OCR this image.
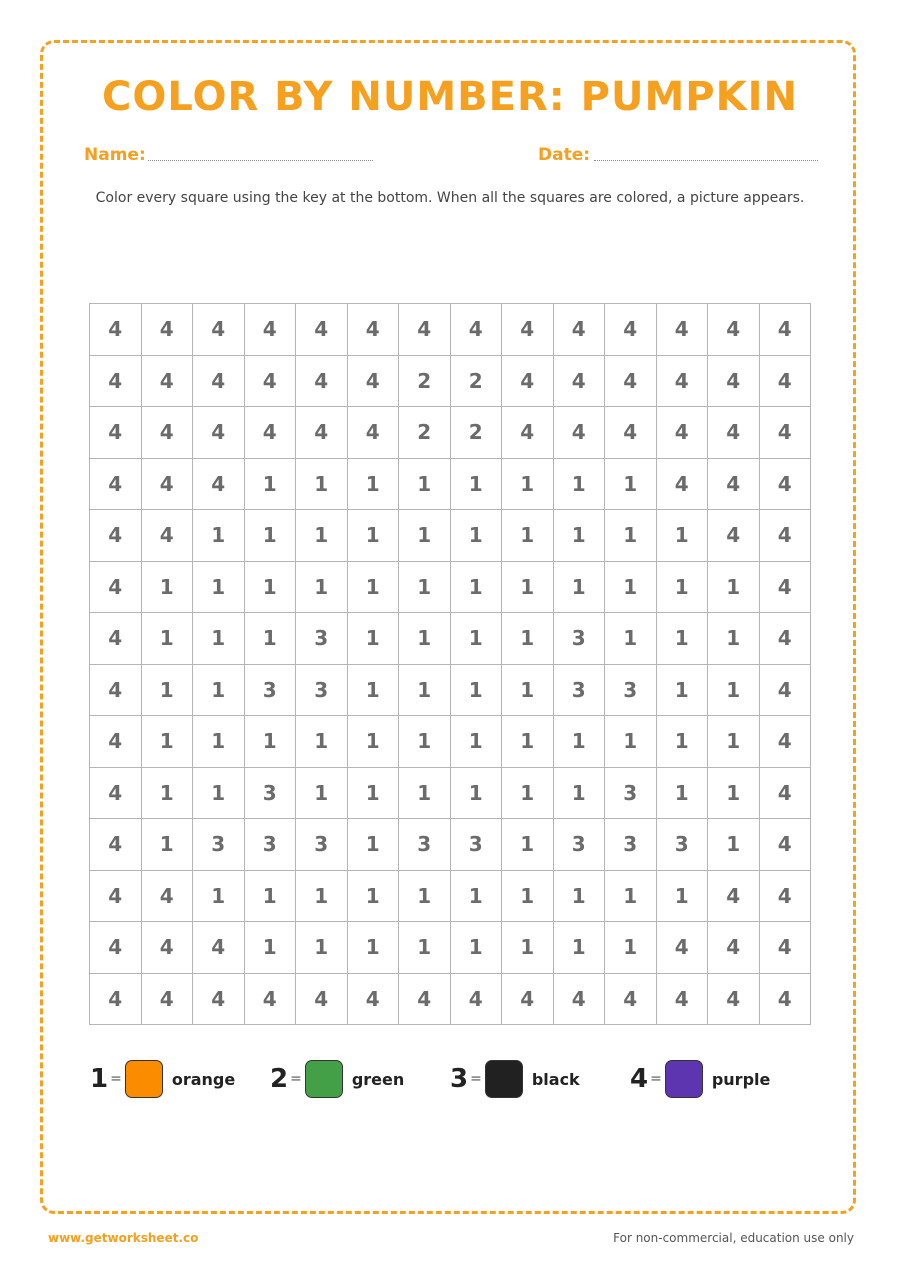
COLOR BY NUMBER: PUMPKIN
Name:	Date:
Color every square using the key at the bottom. When all the squares are colored, a picture appears.
4	4	4	4	4	4	4	4	4	4	4	4	4	4
4	4	4	4	4	4	2	2	4	4	4	4	4	4
4	4	4	4	4	4	2	2	4	4	4	4	4	4
4	4	4	1	1	1	1	1	1	1	1	4	4	4
4	4	1	1	1	1	1	1	1	1	1	1	4	4
4	1	1	1	1	1	1	1	1	1	1	1	1	4
4	1	1	1	3	1	1	1	1	3	1	1	1	4
4	1	1	3	3	1	1	1	1	3	3	1	1	4
4	1	1	1	1	1	1	1	1	1	1	1	1	4
4	1	1	3	1	1	1	1	1	1	3	1	1	4
4	1	3	3	3	1	3	3	1	3	3	3	1	4
4	4	1	1	1	1	1	1	1	1	1	1	4	4
4	4	4	1	1	1	1	1	1	1	1	4	4	4
4	4	4	4	4	4	4	4	4	4	4	4	4	4
1 =	orange 2 =	green 3 =	black 4 =	purple
www.getworksheet.co	For non-commercial, education use only
